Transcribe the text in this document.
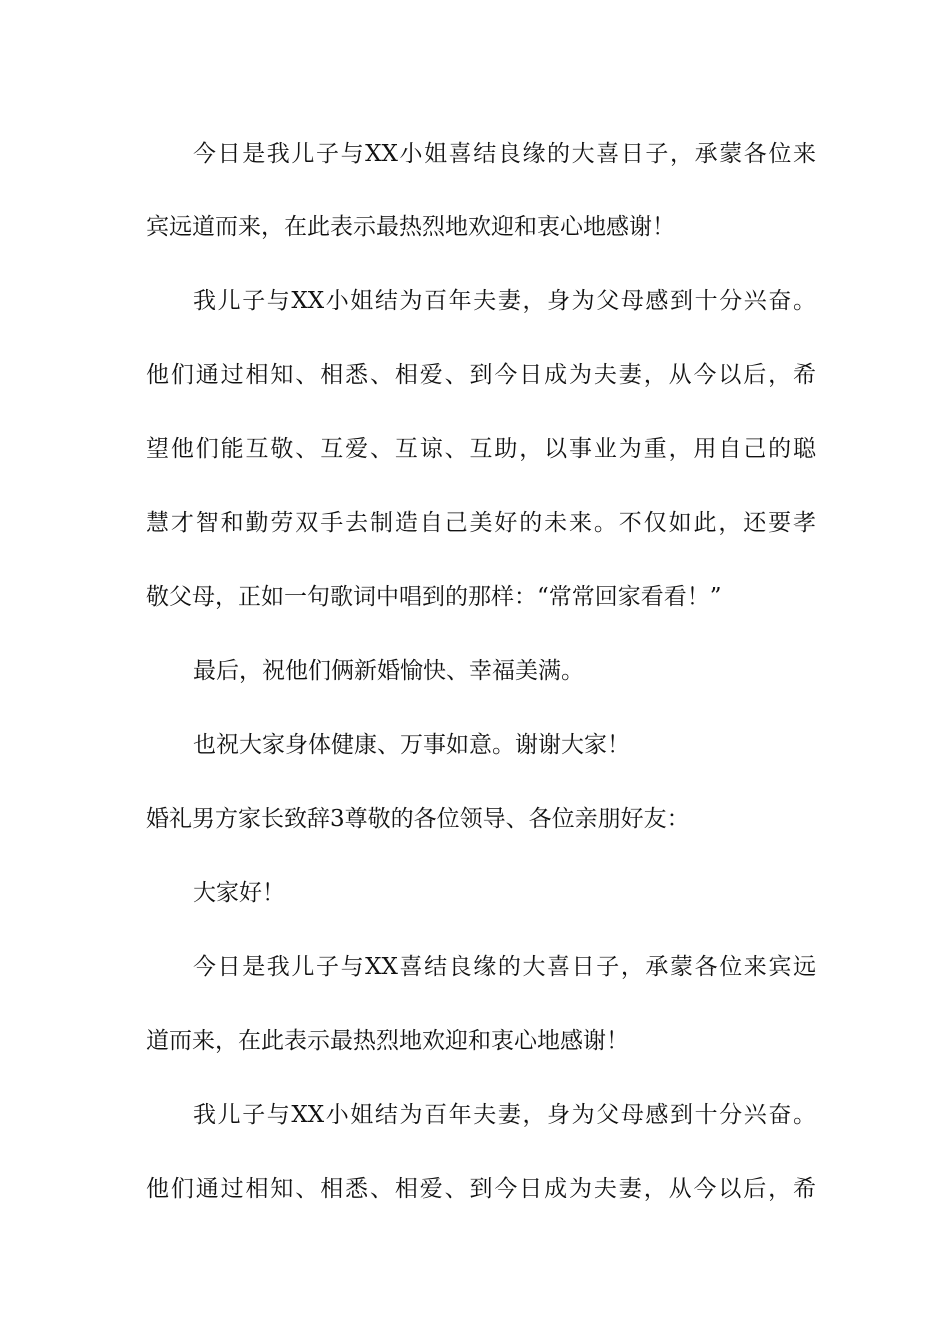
今日是我儿子与XX小姐喜结良缘的大喜日子，承蒙各位来

宾远道而来，在此表示最热烈地欢迎和衷心地感谢！

我儿子与XX小姐结为百年夫妻，身为父母感到十分兴奋。

他们通过相知、相悉、相爱、到今日成为夫妻，从今以后，希

望他们能互敬、互爱、互谅、互助，以事业为重，用自己的聪

慧才智和勤劳双手去制造自己美好的未来。不仅如此，还要孝

敬父母，正如一句歌词中唱到的那样：“常常回家看看！”

最后，祝他们俩新婚愉快、幸福美满。

也祝大家身体健康、万事如意。谢谢大家！

婚礼男方家长致辞3尊敬的各位领导、各位亲朋好友：

大家好！

今日是我儿子与XX喜结良缘的大喜日子，承蒙各位来宾远

道而来，在此表示最热烈地欢迎和衷心地感谢！

我儿子与XX小姐结为百年夫妻，身为父母感到十分兴奋。

他们通过相知、相悉、相爱、到今日成为夫妻，从今以后，希
